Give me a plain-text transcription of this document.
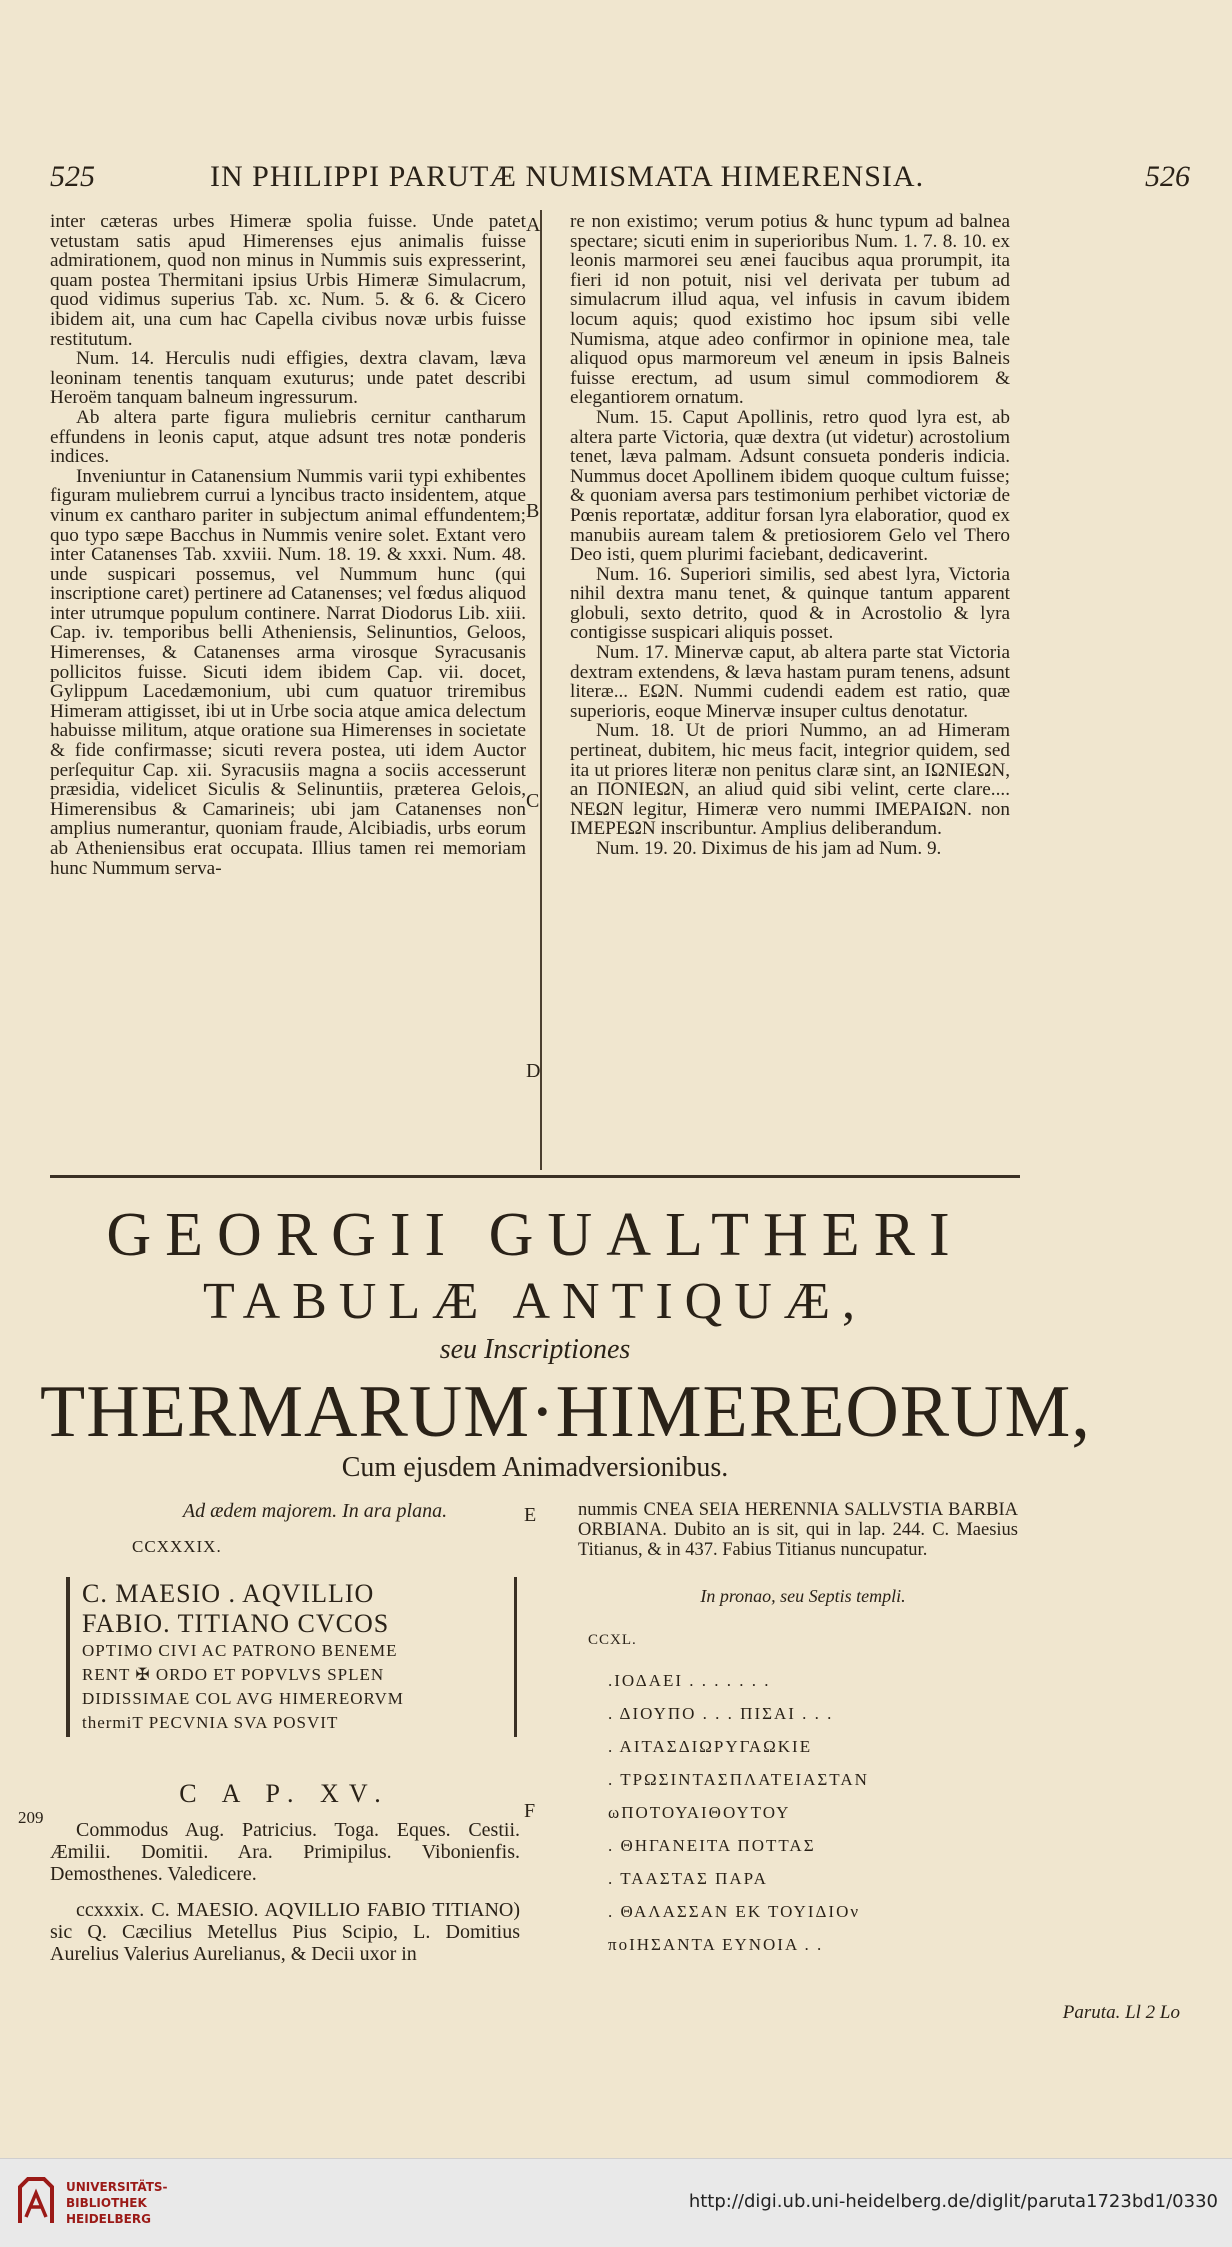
525	IN PHILIPPI PARUTÆ NUMISMATA HIMERENSIA.	526

inter cæteras urbes Himeræ spolia fuisse. Unde patet vetustam satis apud Himerenses ejus animalis fuisse admirationem, quod non minus in Nummis suis expresserint, quam postea Thermitani ipsius Urbis Himeræ Simulacrum, quod vidimus superius Tab. xc. Num. 5. & 6. & Cicero ibidem ait, una cum hac Capella civibus novæ urbis fuisse restitutum.

Num. 14. Herculis nudi effigies, dextra clavam, læva leoninam tenentis tanquam exuturus; unde patet describi Heroëm tanquam balneum ingressurum.

Ab altera parte figura muliebris cernitur cantharum effundens in leonis caput, atque adsunt tres notæ ponderis indices.

Inveniuntur in Catanensium Nummis varii typi exhibentes figuram muliebrem currui a lyncibus tracto insidentem, atque vinum ex cantharo pariter in subjectum animal effundentem; quo typo sæpe Bacchus in Nummis venire solet. Extant vero inter Catanenses Tab. xxviii. Num. 18. 19. & xxxi. Num. 48. unde suspicari possemus, vel Nummum hunc (qui inscriptione caret) pertinere ad Catanenses; vel fœdus aliquod inter utrumque populum continere. Narrat Diodorus Lib. xiii. Cap. iv. temporibus belli Atheniensis, Selinuntios, Geloos, Himerenses, & Catanenses arma virosque Syracusanis pollicitos fuisse. Sicuti idem ibidem Cap. vii. docet, Gylippum Lacedæmonium, ubi cum quatuor triremibus Himeram attigisset, ibi ut in Urbe socia atque amica delectum habuisse militum, atque oratione sua Himerenses in societate & fide confirmasse; sicuti revera postea, uti idem Auctor perſequitur Cap. xii. Syracusiis magna a sociis accesserunt præsidia, videlicet Siculis & Selinuntiis, præterea Gelois, Himerensibus & Camarineis; ubi jam Catanenses non amplius numerantur, quoniam fraude, Alcibiadis, urbs eorum ab Atheniensibus erat occupata. Illius tamen rei memoriam hunc Nummum serva-

A
B
C
D

re non existimo; verum potius & hunc typum ad balnea spectare; sicuti enim in superioribus Num. 1. 7. 8. 10. ex leonis marmorei seu ænei faucibus aqua prorumpit, ita fieri id non potuit, nisi vel derivata per tubum ad simulacrum illud aqua, vel infusis in cavum ibidem locum aquis; quod existimo hoc ipsum sibi velle Numisma, atque adeo confirmor in opinione mea, tale aliquod opus marmoreum vel æneum in ipsis Balneis fuisse erectum, ad usum simul commodiorem & elegantiorem ornatum.

Num. 15. Caput Apollinis, retro quod lyra est, ab altera parte Victoria, quæ dextra (ut videtur) acrostolium tenet, læva palmam. Adsunt consueta ponderis indicia. Nummus docet Apollinem ibidem quoque cultum fuisse; & quoniam aversa pars testimonium perhibet victoriæ de Pœnis reportatæ, additur forsan lyra elaboratior, quod ex manubiis auream talem & pretiosiorem Gelo vel Thero Deo isti, quem plurimi faciebant, dedicaverint.

Num. 16. Superiori similis, sed abest lyra, Victoria nihil dextra manu tenet, & quinque tantum apparent globuli, sexto detrito, quod & in Acrostolio & lyra contigisse suspicari aliquis posset.

Num. 17. Minervæ caput, ab altera parte stat Victoria dextram extendens, & læva hastam puram tenens, adsunt literæ... ΕΩΝ. Nummi cudendi eadem est ratio, quæ superioris, eoque Minervæ insuper cultus denotatur.

Num. 18. Ut de priori Nummo, an ad Himeram pertineat, dubitem, hic meus facit, integrior quidem, sed ita ut priores literæ non penitus claræ sint, an ΙΩΝΙΕΩΝ, an ΠΟΝΙΕΩΝ, an aliud quid sibi velint, certe clare.... ΝΕΩΝ legitur, Himeræ vero nummi ΙΜΕΡΑΙΩΝ. non ΙΜΕΡΕΩΝ inscribuntur. Amplius deliberandum.

Num. 19. 20. Diximus de his jam ad Num. 9.

GEORGII GUALTHERI
TABULÆ ANTIQUÆ,
seu Inscriptiones
THERMARUM·HIMEREORUM,
Cum ejusdem Animadversionibus.
Ad ædem majorem. In ara plana.
CCXXXIX.
C. MAESIO . AQVILLIO
FABIO. TITIANO CVCOS
OPTIMO CIVI AC PATRONO BENEME
RENT ✠ ORDO ET POPVLVS SPLEN
DIDISSIMAE COL AVG HIMEREORVM
thermiT PECVNIA SVA POSVIT
C A P. XV.

Commodus Aug. Patricius. Toga. Eques. Cestii. Æmilii. Domitii. Ara. Primipilus. Vibonienfis. Demosthenes. Valedicere.

ccxxxix. C. MAESIO. AQVILLIO FABIO TITIANO) sic Q. Cæcilius Metellus Pius Scipio, L. Domitius Aurelius Valerius Aurelianus, & Decii uxor in

E
F
209
nummis CNEA SEIA HERENNIA SALLVSTIA BARBIA ORBIANA. Dubito an is sit, qui in lap. 244. C. Maesius Titianus, & in 437. Fabius Titianus nuncupatur.
In pronao, seu Septis templi.
CCXL.
.ΙΟΔΑΕΙ . . . . . . .
. ΔΙΟΥΠΟ . . . ΠΙΣΑΙ . . .
. ΑΙΤΑΣΔΙΩΡΥΓΑΩΚΙΕ
. ΤΡΩΣΙΝΤΑΣΠΛΑΤΕΙΑΣΤΑΝ
ωΠΟΤΟΥΑΙΘΟΥΤΟΥ
. ΘΗΓΑΝΕΙΤΑ ΠΟΤΤΑΣ
. ΤΑΑΣΤΑΣ ΠΑΡΑ
. ΘΑΛΑΣΣΑΝ ΕΚ ΤΟΥΙΔΙΟν
ποΙΗΣΑΝΤΑ ΕΥΝΟΙΑ . .
Paruta. Ll 2 Lo
UNIVERSITÄTS-
BIBLIOTHEK
HEIDELBERG
http://digi.ub.uni-heidelberg.de/diglit/paruta1723bd1/0330
